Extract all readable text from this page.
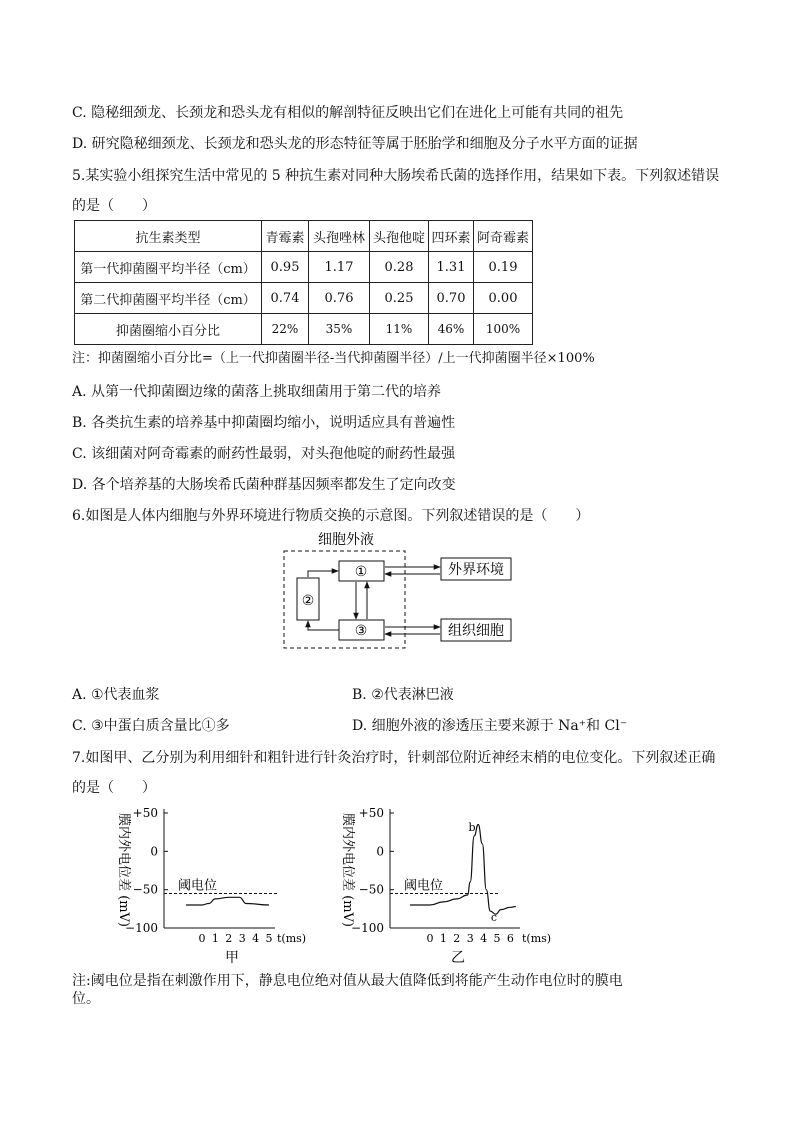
C. 隐秘细颈龙、长颈龙和恐头龙有相似的解剖特征反映出它们在进化上可能有共同的祖先
D. 研究隐秘细颈龙、长颈龙和恐头龙的形态特征等属于胚胎学和细胞及分子水平方面的证据
5.某实验小组探究生活中常见的 5 种抗生素对同种大肠埃希氏菌的选择作用，结果如下表。下列叙述错误
的是（　　）
抗生素类型	青霉素	头孢唑林	头孢他啶	四环素	阿奇霉素
第一代抑菌圈平均半径（cm）	0.95	1.17	0.28	1.31	0.19
第二代抑菌圈平均半径（cm）	0.74	0.76	0.25	0.70	0.00
抑菌圈缩小百分比	22%	35%	11%	46%	100%
注：抑菌圈缩小百分比=（上一代抑菌圈半径-当代抑菌圈半径）/上一代抑菌圈半径×100%
A. 从第一代抑菌圈边缘的菌落上挑取细菌用于第二代的培养
B. 各类抗生素的培养基中抑菌圈均缩小，说明适应具有普遍性
C. 该细菌对阿奇霉素的耐药性最弱，对头孢他啶的耐药性最强
D. 各个培养基的大肠埃希氏菌种群基因频率都发生了定向改变
6.如图是人体内细胞与外界环境进行物质交换的示意图。下列叙述错误的是（　　）
细胞外液
①
②
③
外界环境
组织细胞
A. ①代表血浆	B. ②代表淋巴液
C. ③中蛋白质含量比①多	D. 细胞外液的渗透压主要来源于 Na⁺和 Cl⁻
7.如图甲、乙分别为利用细针和粗针进行针灸治疗时，针刺部位附近神经末梢的电位变化。下列叙述正确
的是（　　）
膜内外电位差 (mV) +50
0
−50
−100
0 1 2 3 4 5 t(ms)
阈电位
甲
膜内外电位差 (mV) +50
0
−50
−100
0 1 2 3 4 5 6 t(ms)
阈电位
b
c
乙
注:阈电位是指在刺激作用下，静息电位绝对值从最大值降低到将能产生动作电位时的膜电
位。
